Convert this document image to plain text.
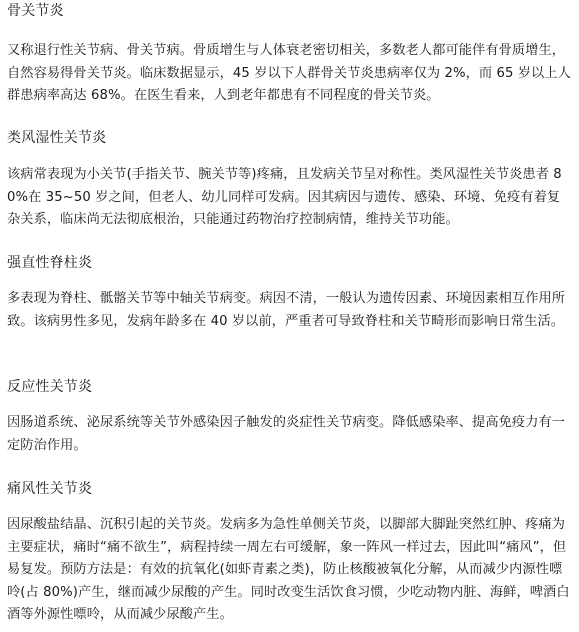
骨关节炎

又称退行性关节病、骨关节病。骨质增生与人体衰老密切相关，多数老人都可能伴有骨质增生，自然容易得骨关节炎。临床数据显示，45 岁以下人群骨关节炎患病率仅为 2%，而 65 岁以上人群患病率高达 68%。在医生看来，人到老年都患有不同程度的骨关节炎。

类风湿性关节炎

该病常表现为小关节(手指关节、腕关节等)疼痛，且发病关节呈对称性。类风湿性关节炎患者 80%在 35~50 岁之间，但老人、幼儿同样可发病。因其病因与遗传、感染、环境、免疫有着复杂关系，临床尚无法彻底根治，只能通过药物治疗控制病情，维持关节功能。

强直性脊柱炎

多表现为脊柱、骶髂关节等中轴关节病变。病因不清，一般认为遗传因素、环境因素相互作用所致。该病男性多见，发病年龄多在 40 岁以前，严重者可导致脊柱和关节畸形而影响日常生活。

反应性关节炎

因肠道系统、泌尿系统等关节外感染因子触发的炎症性关节病变。降低感染率、提高免疫力有一定防治作用。

痛风性关节炎

因尿酸盐结晶、沉积引起的关节炎。发病多为急性单侧关节炎，以脚部大脚趾突然红肿、疼痛为主要症状，痛时“痛不欲生”，病程持续一周左右可缓解，象一阵风一样过去，因此叫“痛风”，但易复发。预防方法是：有效的抗氧化(如虾青素之类)，防止核酸被氧化分解，从而减少内源性嘌呤(占 80%)产生，继而减少尿酸的产生。同时改变生活饮食习惯，少吃动物内脏、海鲜，啤酒白酒等外源性嘌呤，从而减少尿酸产生。
